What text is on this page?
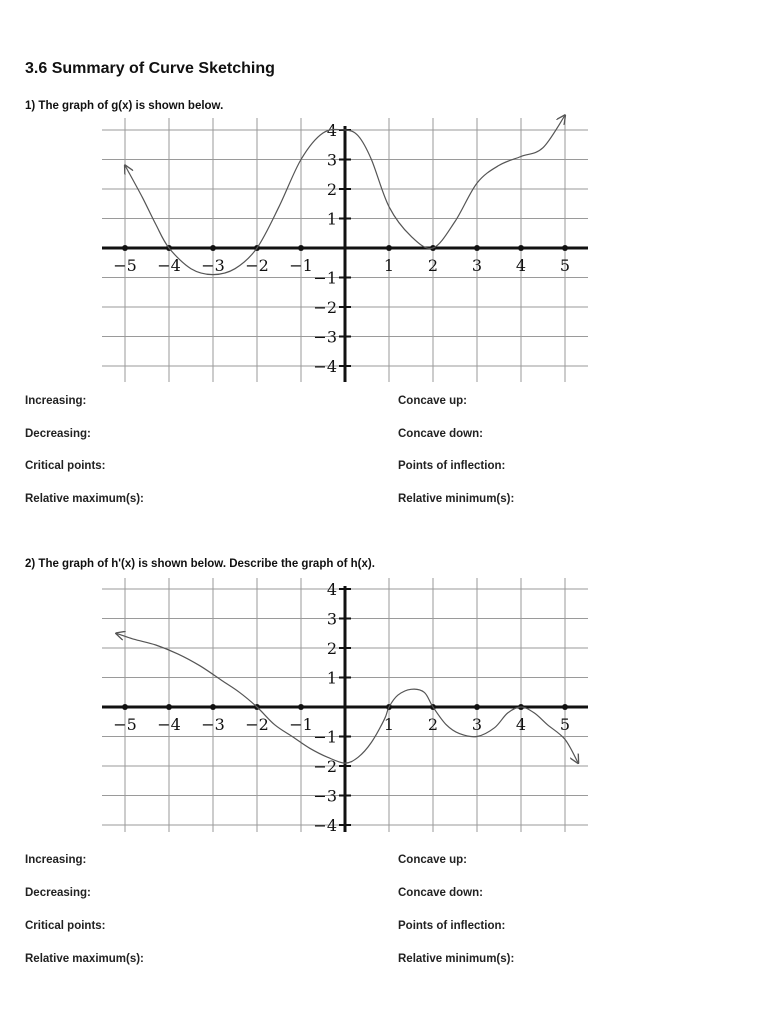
3.6 Summary of Curve Sketching
1) The graph of g(x) is shown below.
−5 −4 −3 −2 −1	1 2 3 4 5
4
3
2
1
−1
−2
−3
−4
Increasing:
Decreasing:
Critical points:
Relative maximum(s):
Concave up:
Concave down:
Points of inflection:
Relative minimum(s):
2) The graph of h'(x) is shown below. Describe the graph of h(x).
−5 −4 −3 −2 −1	1 2 3 4 5
4
3
2
1
−1
−2
−3
−4
Increasing:
Decreasing:
Critical points:
Relative maximum(s):
Concave up:
Concave down:
Points of inflection:
Relative minimum(s):
